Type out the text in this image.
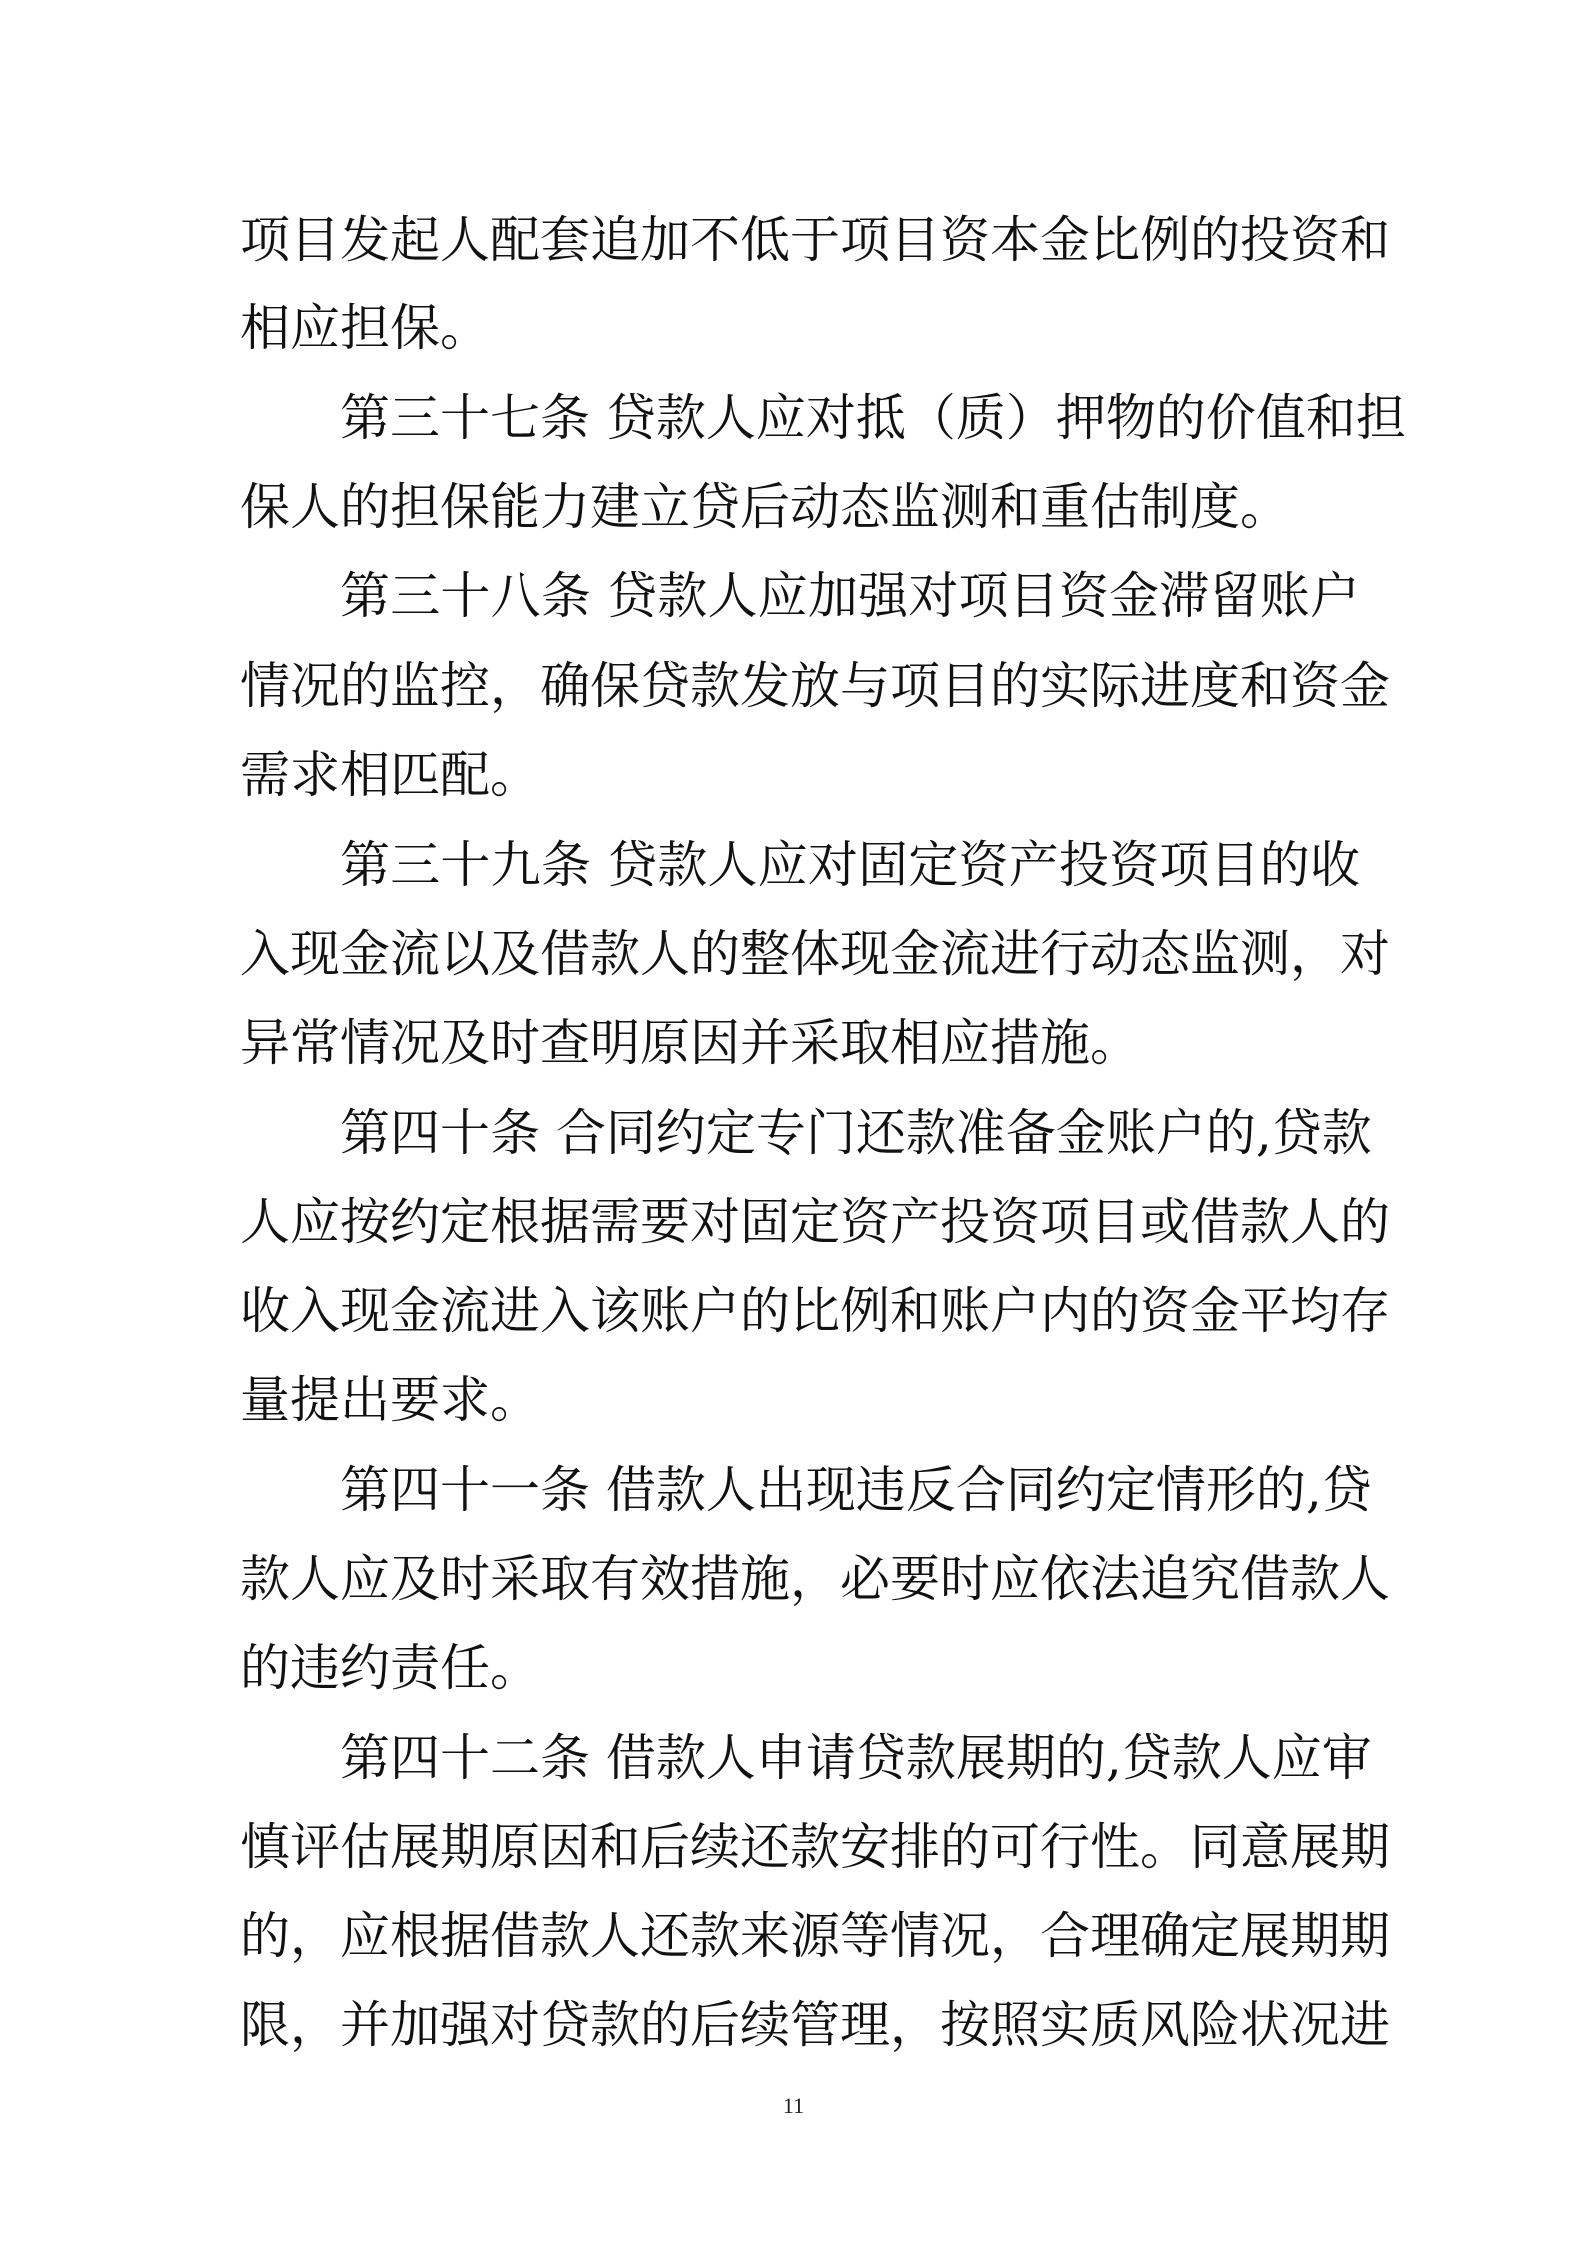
项目发起人配套追加不低于项目资本金比例的投资和
相应担保。
第三十七条 贷款人应对抵（质）押物的价值和担
保人的担保能力建立贷后动态监测和重估制度。
第三十八条 贷款人应加强对项目资金滞留账户
情况的监控，确保贷款发放与项目的实际进度和资金
需求相匹配。
第三十九条 贷款人应对固定资产投资项目的收
入现金流以及借款人的整体现金流进行动态监测，对
异常情况及时查明原因并采取相应措施。
第四十条 合同约定专门还款准备金账户的,贷款
人应按约定根据需要对固定资产投资项目或借款人的
收入现金流进入该账户的比例和账户内的资金平均存
量提出要求。
第四十一条 借款人出现违反合同约定情形的,贷
款人应及时采取有效措施，必要时应依法追究借款人
的违约责任。
第四十二条 借款人申请贷款展期的,贷款人应审
慎评估展期原因和后续还款安排的可行性。同意展期
的，应根据借款人还款来源等情况，合理确定展期期
限，并加强对贷款的后续管理，按照实质风险状况进
11
